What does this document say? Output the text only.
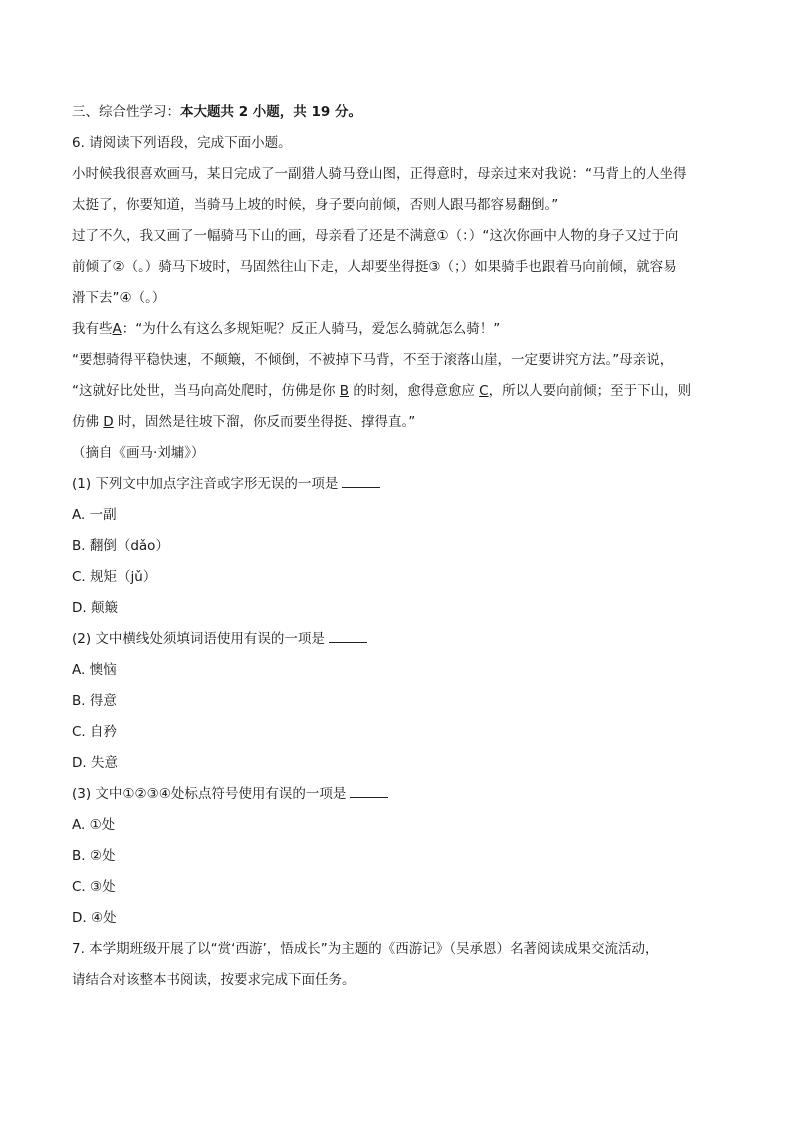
三、综合性学习：本大题共 2 小题，共 19 分。
6. 请阅读下列语段，完成下面小题。
小时候我很喜欢画马，某日完成了一副猎人骑马登山图，正得意时，母亲过来对我说：“马背上的人坐得
太挺了，你要知道，当骑马上坡的时候，身子要向前倾，否则人跟马都容易翻倒。”
过了不久，我又画了一幅骑马下山的画，母亲看了还是不满意①（：）“这次你画中人物的身子又过于向
前倾了②（。）骑马下坡时，马固然往山下走，人却要坐得挺③（；）如果骑手也跟着马向前倾，就容易
滑下去”④（。）
我有些A：“为什么有这么多规矩呢？反正人骑马，爱怎么骑就怎么骑！”
“要想骑得平稳快速，不颠簸，不倾倒，不被掉下马背，不至于滚落山崖，一定要讲究方法。”母亲说，
“这就好比处世，当马向高处爬时，仿佛是你 B 的时刻，愈得意愈应 C，所以人要向前倾；至于下山，则
仿佛 D 时，固然是往坡下溜，你反而要坐得挺、撑得直。”
（摘自《画马·刘墉》）
(1) 下列文中加点字注音或字形无误的一项是
A. 一副
B. 翻倒（dǎo）
C. 规矩（jǔ）
D. 颠簸
(2) 文中横线处须填词语使用有误的一项是
A. 懊恼
B. 得意
C. 自矜
D. 失意
(3) 文中①②③④处标点符号使用有误的一项是
A. ①处
B. ②处
C. ③处
D. ④处
7. 本学期班级开展了以“赏‘西游’，悟成长”为主题的《西游记》（吴承恩）名著阅读成果交流活动，
请结合对该整本书阅读，按要求完成下面任务。
